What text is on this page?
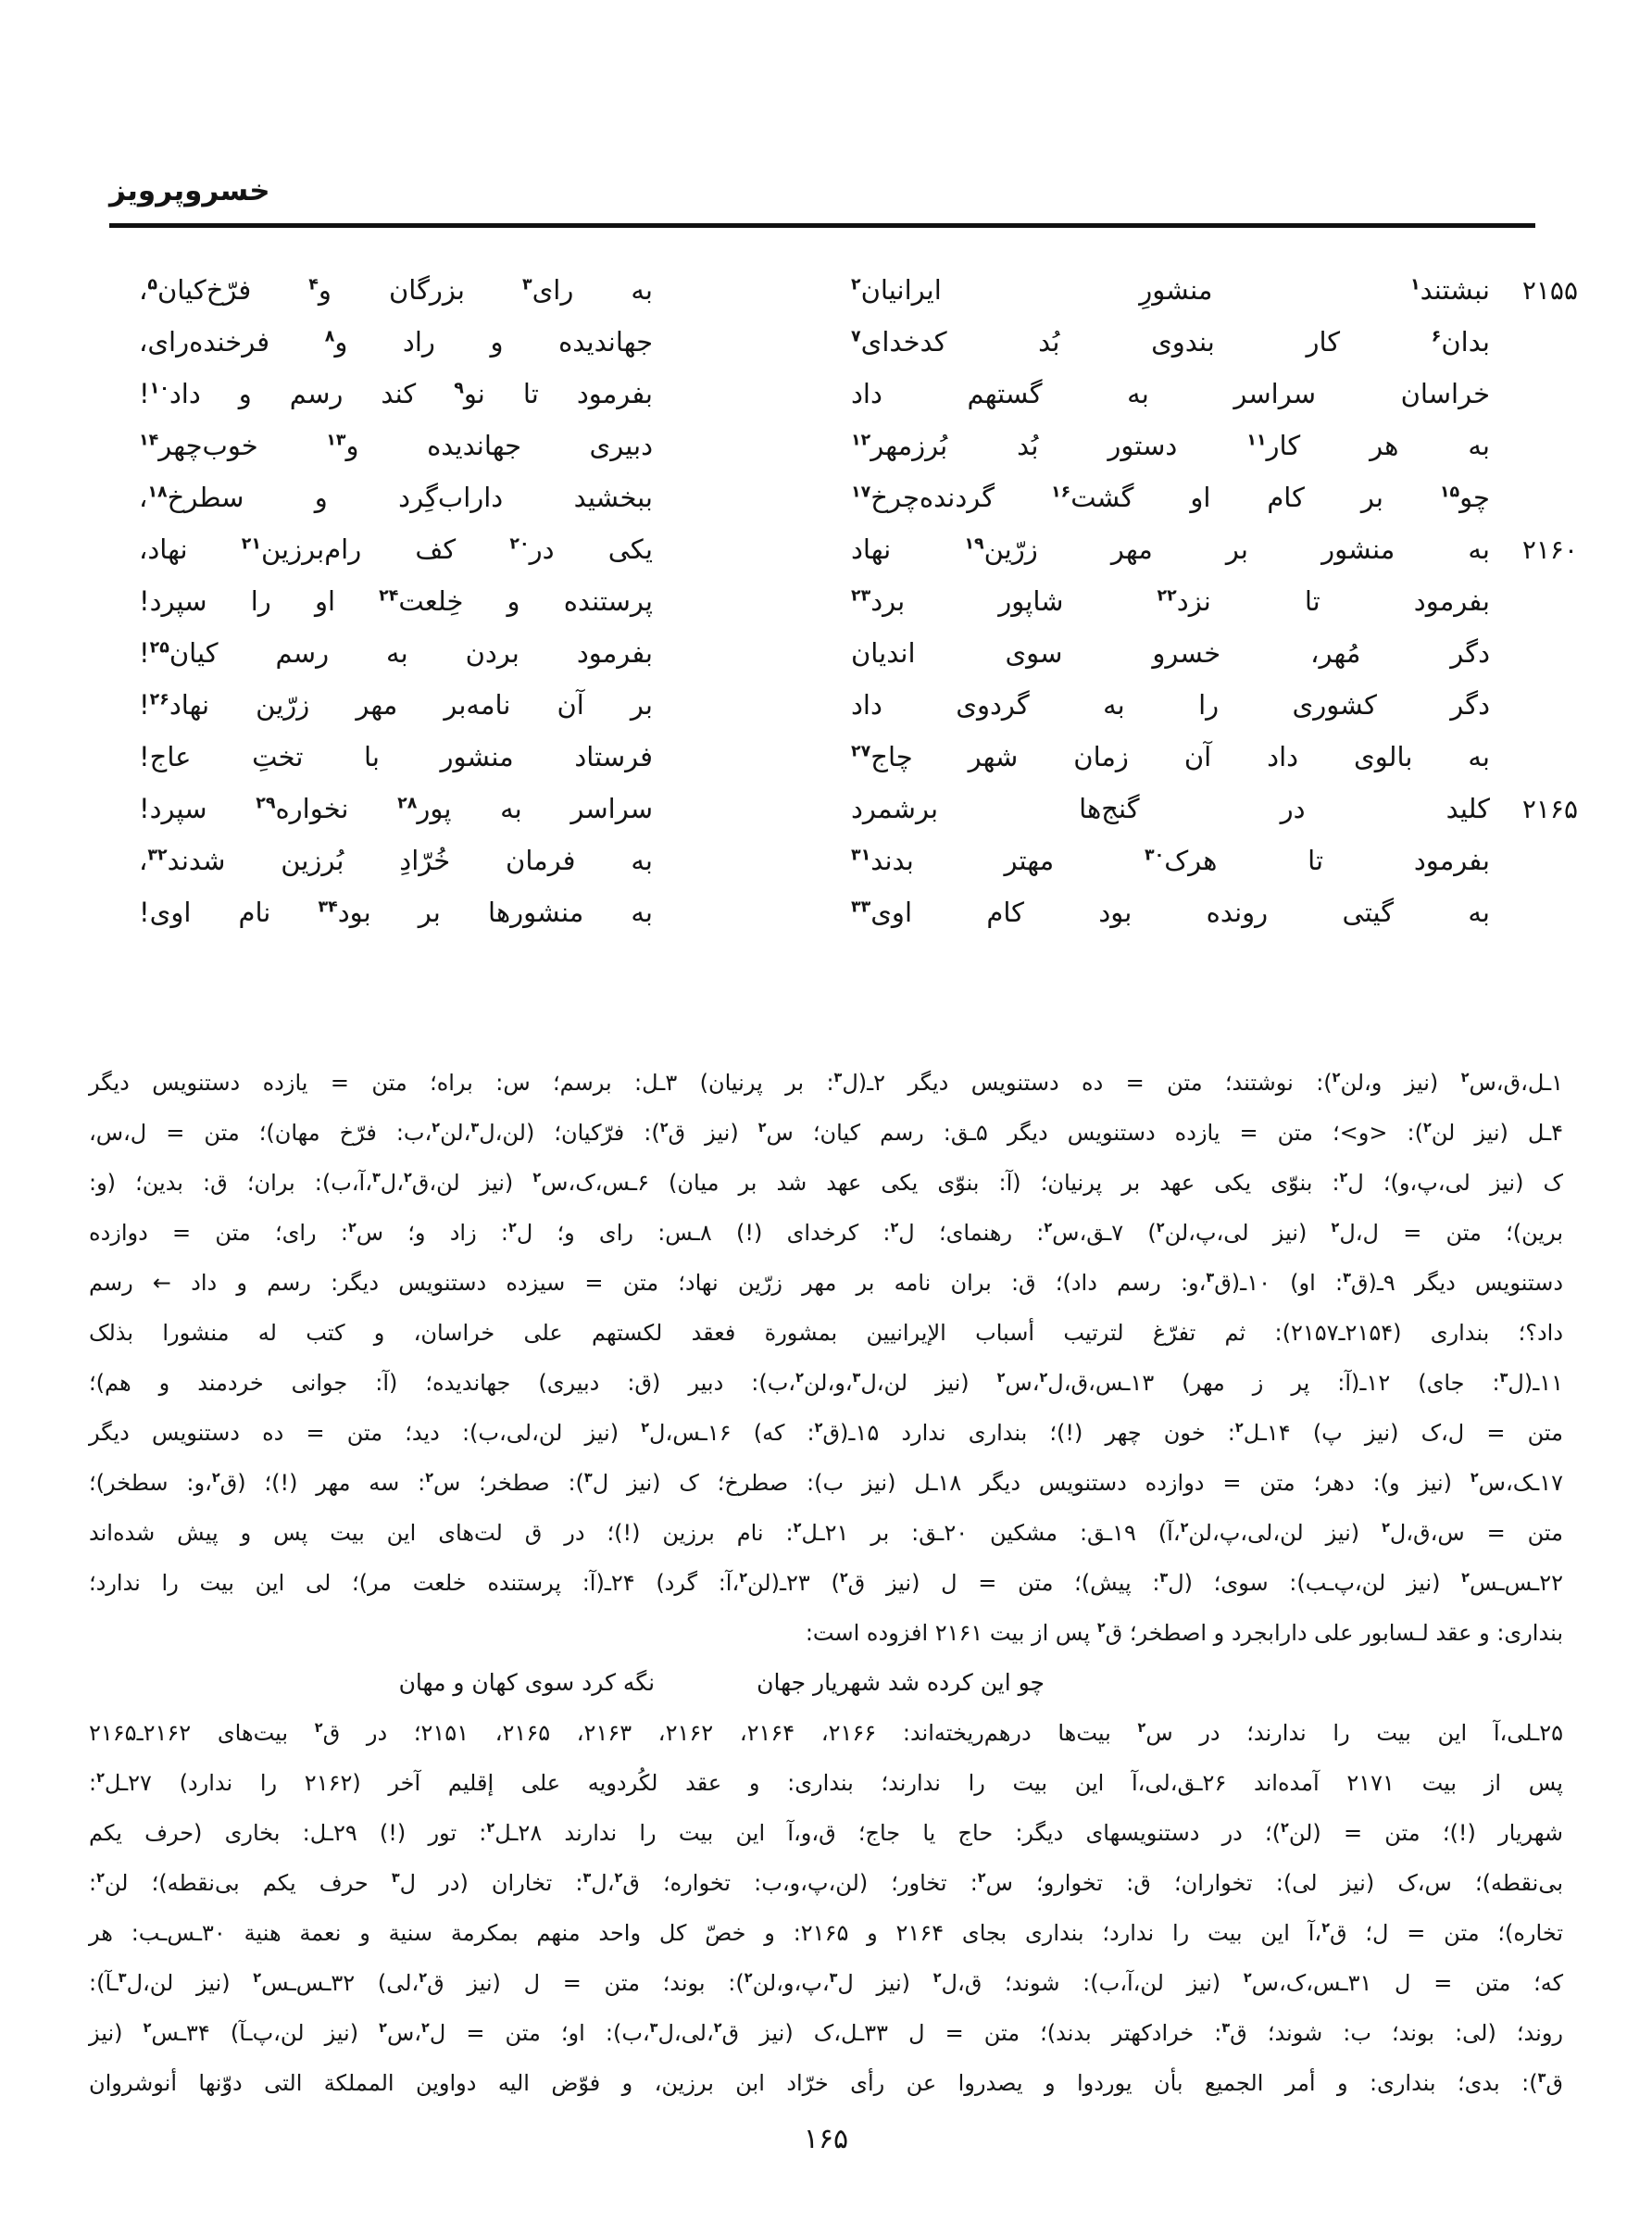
خسروپرویز
۲۱۵۵
نبشتند$^۱$ منشورِ ایرانیان$^۲$
به رای$^۳$ بزرگان و$^۴$ فرّخ‌کیان$^۵$،
بدان$^۶$ کار بندوی بُد کدخدای$^۷$
جهاندیده و راد و$^۸$ فرخنده‌رای،
خراسان سراسر به گستهم داد
بفرمود تا نو$^۹$ کند رسم و داد$^{۱۰}$!
به هر کار$^{۱۱}$ دستور بُد بُرزمهر$^{۱۲}$
دبیری جهاندیده و$^{۱۳}$ خوب‌چهر$^{۱۴}$
چو$^{۱۵}$ بر کام او گشت$^{۱۶}$ گردنده‌چرخ$^{۱۷}$
ببخشید داراب‌گِرد و سطرخ$^{۱۸}$،
۲۱۶۰
به منشور بر مهر زرّین$^{۱۹}$ نهاد
یکی در$^{۲۰}$ کف رام‌برزین$^{۲۱}$ نهاد،
بفرمود تا نزد$^{۲۲}$ شاپور برد$^{۲۳}$
پرستنده و خِلعت$^{۲۴}$ او را سپرد!
دگر مُهر، خسرو سوی اندیان
بفرمود بردن به رسم کیان$^{۲۵}$!
دگر کشوری را به گردوی داد
بر آن نامه‌بر مهر زرّین نهاد$^{۲۶}$!
به بالوی داد آن زمان شهر چاج$^{۲۷}$
فرستاد منشور با تختِ عاج!
۲۱۶۵
کلید در گنج‌ها برشمرد
سراسر به پور$^{۲۸}$ نخواره$^{۲۹}$ سپرد!
بفرمود تا هرک$^{۳۰}$ مهتر بدند$^{۳۱}$
به فرمان خُرّادِ بُرزین شدند$^{۳۲}$،
به گیتی رونده بود کام اوی$^{۳۳}$
به منشورها بر بود$^{۳۴}$ نام اوی!
۱ـل،ق،س$^۲$ (نیز و،لن$^۲$): نوشتند؛ متن = ده دستنویس دیگر ۲ـ(ل$^۳$: بر پرنیان) ۳ـل: برسم؛ س: براه؛ متن = یازده دستنویس دیگر
۴ـل (نیز لن$^۲$): <و>؛ متن = یازده دستنویس دیگر ۵ـق: رسم کیان؛ س$^۲$ (نیز ق$^۲$): فرّکیان؛ (لن،ل$^۳$،لن$^۲$،ب: فرّخ مهان)؛ متن = ل،س،
ک (نیز لی،پ،و)؛ ل$^۲$: بنوّی یکی عهد بر پرنیان؛ (آ: بنوّی یکی عهد شد بر میان) ۶ـس،ک،س$^۲$ (نیز لن،ق$^۲$،ل$^۳$،آ،ب): بران؛ ق: بدین؛ (و:
برین)؛ متن = ل،ل$^۲$ (نیز لی،پ،لن$^۲$) ۷ـق،س$^۲$: رهنمای؛ ل$^۲$: کرخدای (!) ۸ـس: رای و؛ ل$^۲$: زاد و؛ س$^۲$: رای؛ متن = دوازده
دستنویس دیگر ۹ـ(ق$^۳$: او) ۱۰ـ(ق$^۳$،و: رسم داد)؛ ق: بران نامه بر مهر زرّین نهاد؛ متن = سیزده دستنویس دیگر: رسم و داد ← رسم
داد؟؛ بنداری (۲۱۵۴ـ۲۱۵۷): ثم تفرّغ لترتیب أسباب الإیرانیین بمشورة فعقد لکستهم علی خراسان، و کتب له منشورا بذلک
۱۱ـ(ل$^۳$: جای) ۱۲ـ(آ: پر ز مهر) ۱۳ـس،ق،ل$^۲$،س$^۲$ (نیز لن،ل$^۳$،و،لن$^۲$،ب): دبیر (ق: دبیری) جهاندیده؛ (آ: جوانی خردمند و هم)؛
متن = ل،ک (نیز پ) ۱۴ـل$^۲$: خون چهر (!)؛ بنداری ندارد ۱۵ـ(ق$^۲$: که) ۱۶ـس،ل$^۲$ (نیز لن،لی،ب): دید؛ متن = ده دستنویس دیگر
۱۷ـک،س$^۲$ (نیز و): دهر؛ متن = دوازده دستنویس دیگر ۱۸ـل (نیز ب): صطرخ؛ ک (نیز ل$^۳$): صطخر؛ س$^۲$: سه مهر (!)؛ (ق$^۲$،و: سطخر)؛
متن = س،ق،ل$^۲$ (نیز لن،لی،پ،لن$^۲$،آ) ۱۹ـق: مشکین ۲۰ـق: بر ۲۱ـل$^۲$: نام برزین (!)؛ در ق لت‌های این بیت پس و پیش شده‌اند
۲۲ـس‌ـس$^۲$ (نیز لن،پ‌ـب): سوی؛ (ل$^۳$: پیش)؛ متن = ل (نیز ق$^۲$) ۲۳ـ(لن$^۲$،آ: گرد) ۲۴ـ(آ: پرستنده خلعت مر)؛ لی این بیت را ندارد؛
بنداری: و عقد لـسابور علی دارابجرد و اصطخر؛ ق$^۲$ پس از بیت ۲۱۶۱ افزوده است:
چو این کرده شد شهریار جهان
نگه کرد سوی کهان و مهان
۲۵ـلی،آ این بیت را ندارند؛ در س$^۲$ بیت‌ها درهم‌ریخته‌اند: ۲۱۶۶، ۲۱۶۴، ۲۱۶۲، ۲۱۶۳، ۲۱۶۵، ۲۱۵۱؛ در ق$^۲$ بیت‌های ۲۱۶۲ـ۲۱۶۵
پس از بیت ۲۱۷۱ آمده‌اند ۲۶ـق،لی،آ این بیت را ندارند؛ بنداری: و عقد لکُردویه علی إقلیم آخر (۲۱۶۲ را ندارد) ۲۷ـل$^۲$:
شهریار (!)؛ متن = (لن$^۲$)؛ در دستنویسهای دیگر: حاج یا جاج؛ ق،و،آ این بیت را ندارند ۲۸ـل$^۲$: تور (!) ۲۹ـل: بخاری (حرف یکم
بی‌نقطه)؛ س،ک (نیز لی): تخواران؛ ق: تخوارو؛ س$^۲$: تخاور؛ (لن،پ،و،ب: تخواره؛ ق$^۲$،ل$^۳$: تخاران (در ل$^۳$ حرف یکم بی‌نقطه)؛ لن$^۲$:
تخاره)؛ متن = ل؛ ق$^۲$،آ این بیت را ندارد؛ بنداری بجای ۲۱۶۴ و ۲۱۶۵: و خصّ کل واحد منهم بمکرمة سنیة و نعمة هنیة ۳۰ـس‌ـب: هر
که؛ متن = ل ۳۱ـس،ک،س$^۲$ (نیز لن،آ،ب): شوند؛ ق،ل$^۲$ (نیز ل$^۳$،پ،و،لن$^۲$): بوند؛ متن = ل (نیز ق$^۲$،لی) ۳۲ـس‌ـس$^۲$ (نیز لن،ل$^۳$ـآ):
روند؛ (لی: بوند؛ ب: شوند؛ ق$^۳$: خرادکهتر بدند)؛ متن = ل ۳۳ـل،ک (نیز ق$^۲$،لی،ل$^۳$،ب): او؛ متن = ل$^۲$،س$^۲$ (نیز لن،پ‌ـآ) ۳۴ـس$^۲$ (نیز
ق$^۳$): بدی؛ بنداری: و أمر الجمیع بأن یوردوا و یصدروا عن رأی خرّاد ابن برزین، و فوّض الیه دواوین المملکة التی دوّنها أنوشروان
۱۶۵
